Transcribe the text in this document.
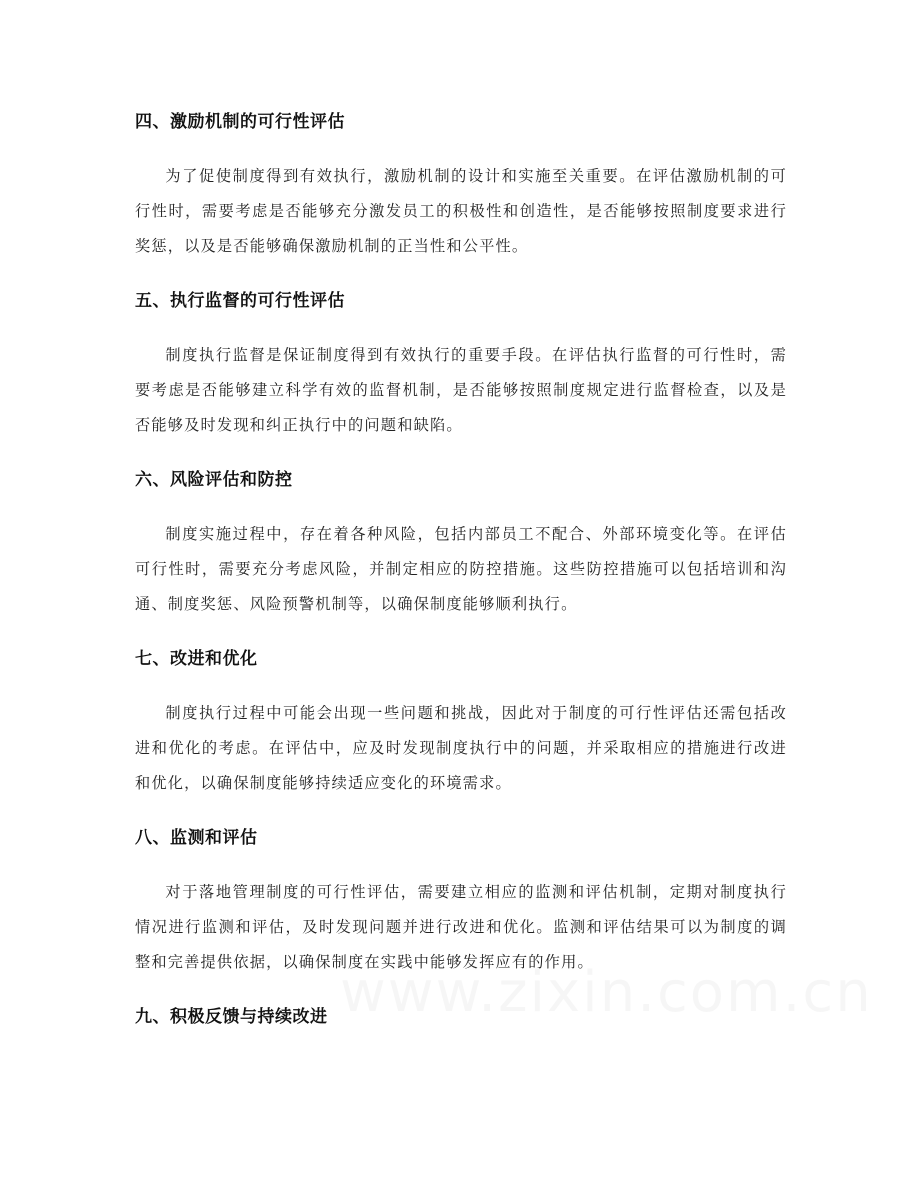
四、激励机制的可行性评估

为了促使制度得到有效执行，激励机制的设计和实施至关重要。在评估激励机制的可行性时，需要考虑是否能够充分激发员工的积极性和创造性，是否能够按照制度要求进行奖惩，以及是否能够确保激励机制的正当性和公平性。

五、执行监督的可行性评估

制度执行监督是保证制度得到有效执行的重要手段。在评估执行监督的可行性时，需要考虑是否能够建立科学有效的监督机制，是否能够按照制度规定进行监督检查，以及是否能够及时发现和纠正执行中的问题和缺陷。

六、风险评估和防控

制度实施过程中，存在着各种风险，包括内部员工不配合、外部环境变化等。在评估可行性时，需要充分考虑风险，并制定相应的防控措施。这些防控措施可以包括培训和沟通、制度奖惩、风险预警机制等，以确保制度能够顺利执行。

七、改进和优化

制度执行过程中可能会出现一些问题和挑战，因此对于制度的可行性评估还需包括改进和优化的考虑。在评估中，应及时发现制度执行中的问题，并采取相应的措施进行改进和优化，以确保制度能够持续适应变化的环境需求。

八、监测和评估

对于落地管理制度的可行性评估，需要建立相应的监测和评估机制，定期对制度执行情况进行监测和评估，及时发现问题并进行改进和优化。监测和评估结果可以为制度的调整和完善提供依据，以确保制度在实践中能够发挥应有的作用。

九、积极反馈与持续改进
